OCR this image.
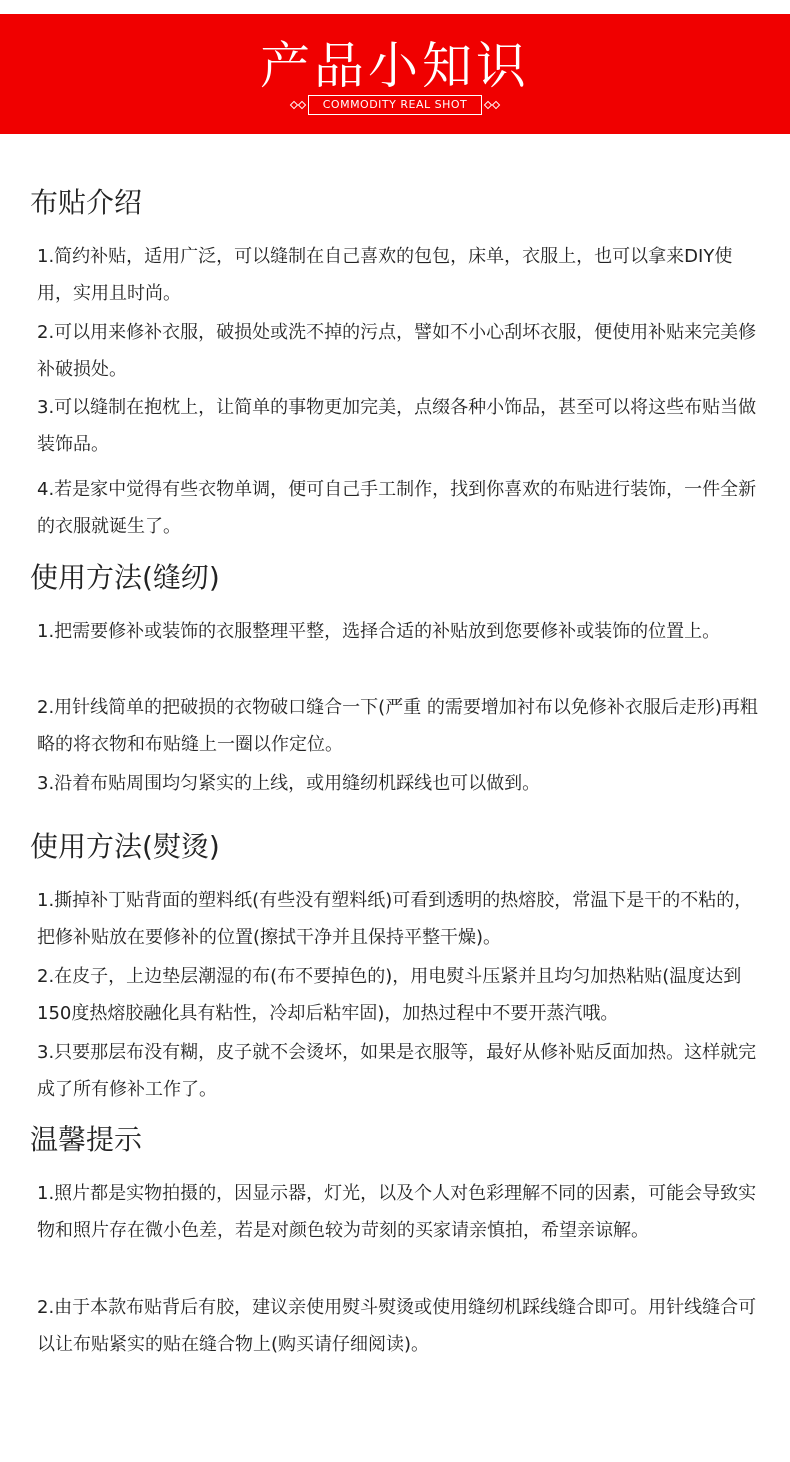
产品小知识
COMMODITY REAL SHOT
布贴介绍
1.简约补贴，适用广泛，可以缝制在自己喜欢的包包，床单，衣服上，也可以拿来DIY使用，实用且时尚。
2.可以用来修补衣服，破损处或洗不掉的污点，譬如不小心刮坏衣服，便使用补贴来完美修补破损处。
3.可以缝制在抱枕上，让简单的事物更加完美，点缀各种小饰品，甚至可以将这些布贴当做装饰品。
4.若是家中觉得有些衣物单调，便可自己手工制作，找到你喜欢的布贴进行装饰，一件全新的衣服就诞生了。
使用方法(缝纫)
1.把需要修补或装饰的衣服整理平整，选择合适的补贴放到您要修补或装饰的位置上。
2.用针线简单的把破损的衣物破口缝合一下(严重 的需要增加衬布以免修补衣服后走形)再粗略的将衣物和布贴缝上一圈以作定位。
3.沿着布贴周围均匀紧实的上线，或用缝纫机踩线也可以做到。
使用方法(熨烫)
1.撕掉补丁贴背面的塑料纸(有些没有塑料纸)可看到透明的热熔胶，常温下是干的不粘的，把修补贴放在要修补的位置(擦拭干净并且保持平整干燥)。
2.在皮子，上边垫层潮湿的布(布不要掉色的)，用电熨斗压紧并且均匀加热粘贴(温度达到150度热熔胶融化具有粘性，冷却后粘牢固)，加热过程中不要开蒸汽哦。
3.只要那层布没有糊，皮子就不会烫坏，如果是衣服等，最好从修补贴反面加热。这样就完成了所有修补工作了。
温馨提示
1.照片都是实物拍摄的，因显示器，灯光，以及个人对色彩理解不同的因素，可能会导致实物和照片存在微小色差，若是对颜色较为苛刻的买家请亲慎拍，希望亲谅解。
2.由于本款布贴背后有胶，建议亲使用熨斗熨烫或使用缝纫机踩线缝合即可。用针线缝合可以让布贴紧实的贴在缝合物上(购买请仔细阅读)。
